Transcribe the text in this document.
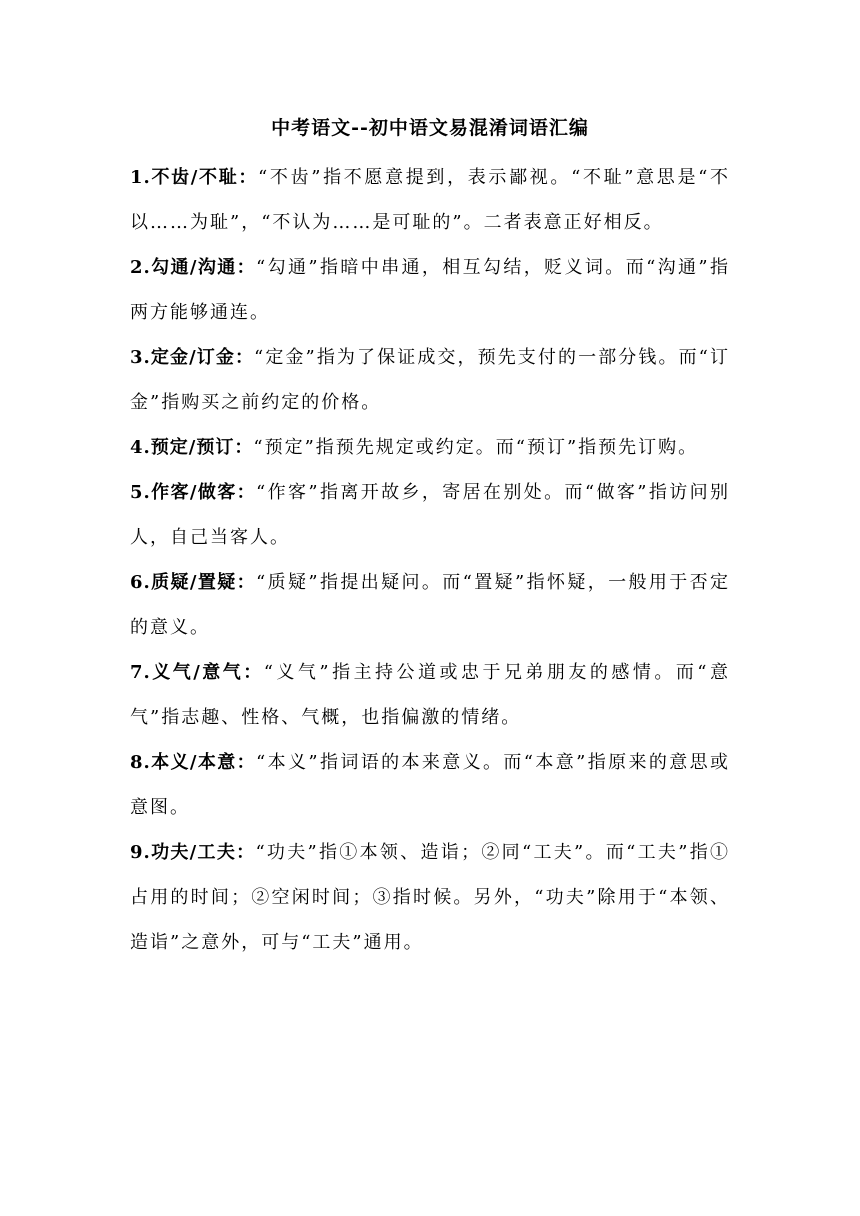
中考语文--初中语文易混淆词语汇编

1.不齿/不耻：“不齿”指不愿意提到，表示鄙视。“不耻”意思是“不以……为耻”，“不认为……是可耻的”。二者表意正好相反。

2.勾通/沟通：“勾通”指暗中串通，相互勾结，贬义词。而“沟通”指两方能够通连。

3.定金/订金：“定金”指为了保证成交，预先支付的一部分钱。而“订金”指购买之前约定的价格。

4.预定/预订：“预定”指预先规定或约定。而“预订”指预先订购。

5.作客/做客：“作客”指离开故乡，寄居在别处。而“做客”指访问别人，自己当客人。

6.质疑/置疑：“质疑”指提出疑问。而“置疑”指怀疑，一般用于否定的意义。

7.义气/意气：“义气”指主持公道或忠于兄弟朋友的感情。而“意气”指志趣、性格、气概，也指偏激的情绪。

8.本义/本意：“本义”指词语的本来意义。而“本意”指原来的意思或意图。

9.功夫/工夫：“功夫”指①本领、造诣；②同“工夫”。而“工夫”指①占用的时间；②空闲时间；③指时候。另外，“功夫”除用于“本领、造诣”之意外，可与“工夫”通用。
